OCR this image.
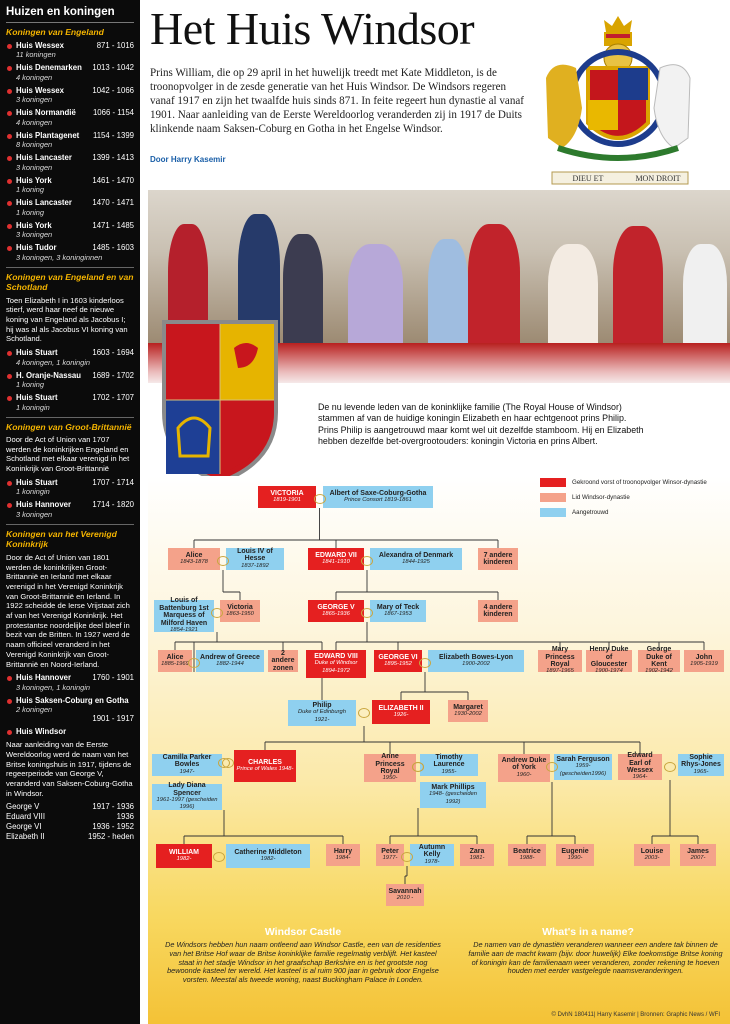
Huizen en koningen
Koningen van Engeland
Huis Wessex	871 - 1016
11 koningen
Huis Denemarken 1013 - 1042
4 koningen
Huis Wessex	1042 - 1066
3 koningen
Huis Normandië 1066 - 1154
4 koningen
Huis Plantagenet 1154 - 1399
8 koningen
Huis Lancaster	1399 - 1413
3 koningen
Huis York	1461 - 1470
1 koning
Huis Lancaster	1470 - 1471
1 koning
Huis York	1471 - 1485
3 koningen
Huis Tudor	1485 - 1603
3 koningen, 3 koninginnen
Koningen van Engeland en van Schotland
Toen Elizabeth I in 1603 kinderloos stierf, werd haar neef de nieuwe koning van Engeland als Jacobus I; hij was al als Jacobus VI koning van Schotland.
Huis Stuart	1603 - 1694
4 koningen, 1 koningin
H. Oranje-Nassau 1689 - 1702
1 koning
Huis Stuart	1702 - 1707
1 koningin
Koningen van Groot-Brittannië
Door de Act of Union van 1707 werden de koninkrijken Engeland en Schotland met elkaar verenigd in het Koninkrijk van Groot-Brittannië
Huis Stuart	1707 - 1714
1 koningin
Huis Hannover	1714 - 1820
3 koningen
Koningen van het Verenigd Koninkrijk
Door de Act of Union van 1801 werden de koninkrijken Groot-Brittannië en Ierland met elkaar verenigd in het Verenigd Koninkrijk van Groot-Brittannië en Ierland. In 1922 scheidde de Ierse Vrijstaat zich af van het Verenigd Koninkrijk. Het protestantse noordelijke deel bleef in bezit van de Britten. In 1927 werd de naam officieel veranderd in het Verenigd Koninkrijk van Groot-Brittannië en Noord-Ierland.
Huis Hannover	1760 - 1901
3 koningen, 1 koningin
Huis Saksen-Coburg en Gotha
2 koningen
1901 - 1917
Huis Windsor
Naar aanleiding van de Eerste Wereldoorlog werd de naam van het Britse koningshuis in 1917, tijdens de regeerperiode van George V, veranderd van Saksen-Coburg-Gotha in Windsor.
George V	1917 - 1936
Eduard VIII	1936
George VI	1936 - 1952
Elizabeth II	1952 - heden
Het Huis Windsor
Prins William, die op 29 april in het huwelijk treedt met Kate Middleton, is de troonopvolger in de zesde generatie van het Huis Windsor. De Windsors regeren vanaf 1917 en zijn het twaalfde huis sinds 871. In feite regeert hun dynastie al vanaf 1901. Naar aanleiding van de Eerste Wereldoorlog veranderden zij in 1917 de Duits klinkende naam Saksen-Coburg en Gotha in het Engelse Windsor.
Door Harry Kasemir
DIEU ET	MON DROIT
De nu levende leden van de koninklijke familie (The Royal House of Windsor) stammen af van de huidige koningin Elizabeth en haar echtgenoot prins Philip. Prins Philip is aangetrouwd maar komt wel uit dezelfde stamboom. Hij en Elizabeth hebben dezelfde bet-overgrootouders: koningin Victoria en prins Albert.
Gekroond vorst of troonopvolger Winsor-dynastie
Lid Windsor-dynastie
Aangetrouwd
VICTORIA
1819-1901
Albert of Saxe-Coburg-Gotha
Prince Consort 1819-1861
Alice
1843-1878
Louis IV of Hesse
1837-1892
EDWARD VII
1841-1910
Alexandra of Denmark
1844-1925
7 andere kinderen
Louis of Battenburg 1st Marquess of Milford Haven
1854-1921
Victoria
1863-1950
GEORGE V
1865-1936
Mary of Teck
1867-1953
4 andere kinderen
Alice
1885-1969
Andrew of Greece
1882-1944
2 andere zonen
EDWARD VIII
Duke of Windsor 1894-1972
GEORGE VI
1895-1952
Elizabeth Bowes-Lyon
1900-2002
Mary Princess Royal
1897-1965
Henry Duke of Gloucester
1900-1974
George Duke of Kent
1902-1942
John
1905-1919
Philip
Duke of Edinburgh 1921-
ELIZABETH II
1926-
Margaret
1930-2002
Camilla Parker Bowles
1947-
CHARLES
Prince of Wales 1948-
Lady Diana Spencer
1961-1997 (gescheiden 1996)
Anne Princess Royal
1950-
Timothy Laurence
1955-
Mark Phillips
1948- (gescheiden 1992)
Andrew Duke of York
1960-
Sarah Ferguson
1959- (gescheiden1996)
Edward Earl of Wessex
1964-
Sophie Rhys-Jones
1965-
WILLIAM
1982-
Catherine Middleton
1982-
Harry
1984-
Peter
1977-
Autumn Kelly
1978-
Zara
1981-
Beatrice
1988-
Eugenie
1990-
Louise
2003-
James
2007-
Savannah
2010 -
Windsor Castle
De Windsors hebben hun naam ontleend aan Windsor Castle, een van de residenties van het Britse Hof waar de Britse koninklijke familie regelmatig verblijft. Het kasteel staat in het stadje Windsor in het graafschap Berkshire en is het grootste nog bewoonde kasteel ter wereld. Het kasteel is al ruim 900 jaar in gebruik door Engelse vorsten. Meestal als tweede woning, naast Buckingham Palace in Londen.
What's in a name?
De namen van de dynastiën veranderen wanneer een andere tak binnen de familie aan de macht kwam (bijv. door huwelijk) Elke toekomstige Britse koning of koningin kan de familienaam weer veranderen, zonder rekening te hoeven houden met eerder vastgelegde naamsveranderingen.
© DvhN 180411| Harry Kasemir | Bronnen: Graphic News / WFI
